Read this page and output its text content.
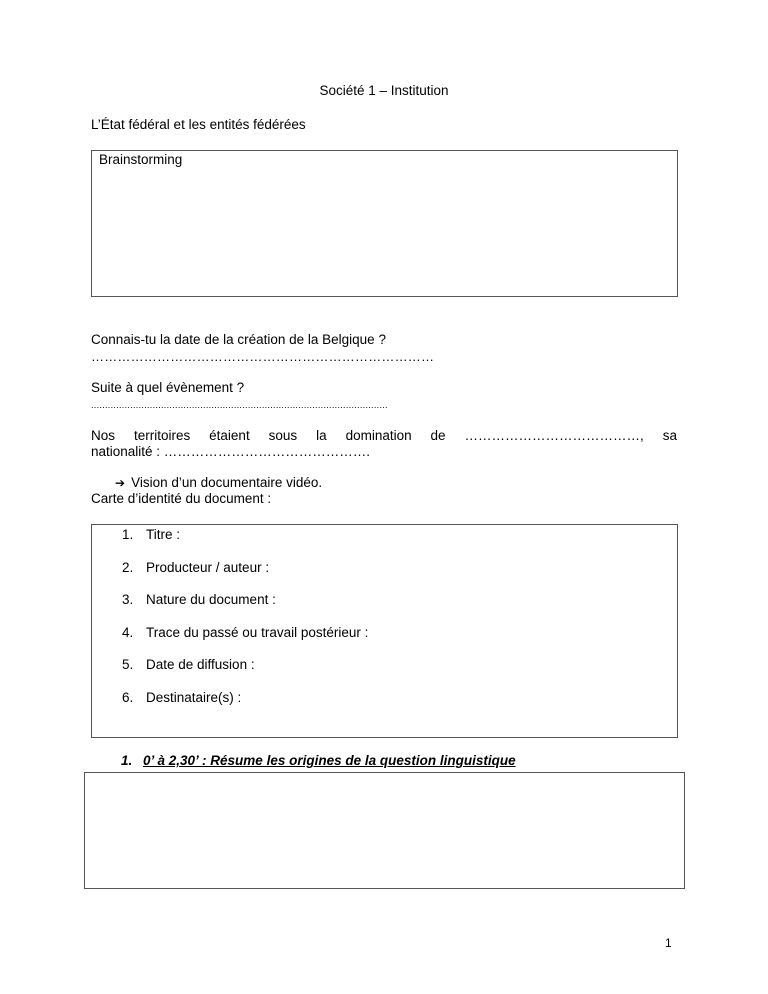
Société 1 – Institution
L’État fédéral et les entités fédérées
Brainstorming
Connais-tu la date de la création de la Belgique ?
……………………………………………………………………
Suite à quel évènement ?
..........................................................................................................
Nos territoires étaient sous la domination de …………………………………, sa
nationalité : ……………………………………….
➔ Vision d’un documentaire vidéo.
Carte d’identité du document :
1. Titre :
2. Producteur / auteur :
3. Nature du document :
4. Trace du passé ou travail postérieur :
5. Date de diffusion :
6. Destinataire(s) :
1. 0’ à 2,30’ : Résume les origines de la question linguistique
1
